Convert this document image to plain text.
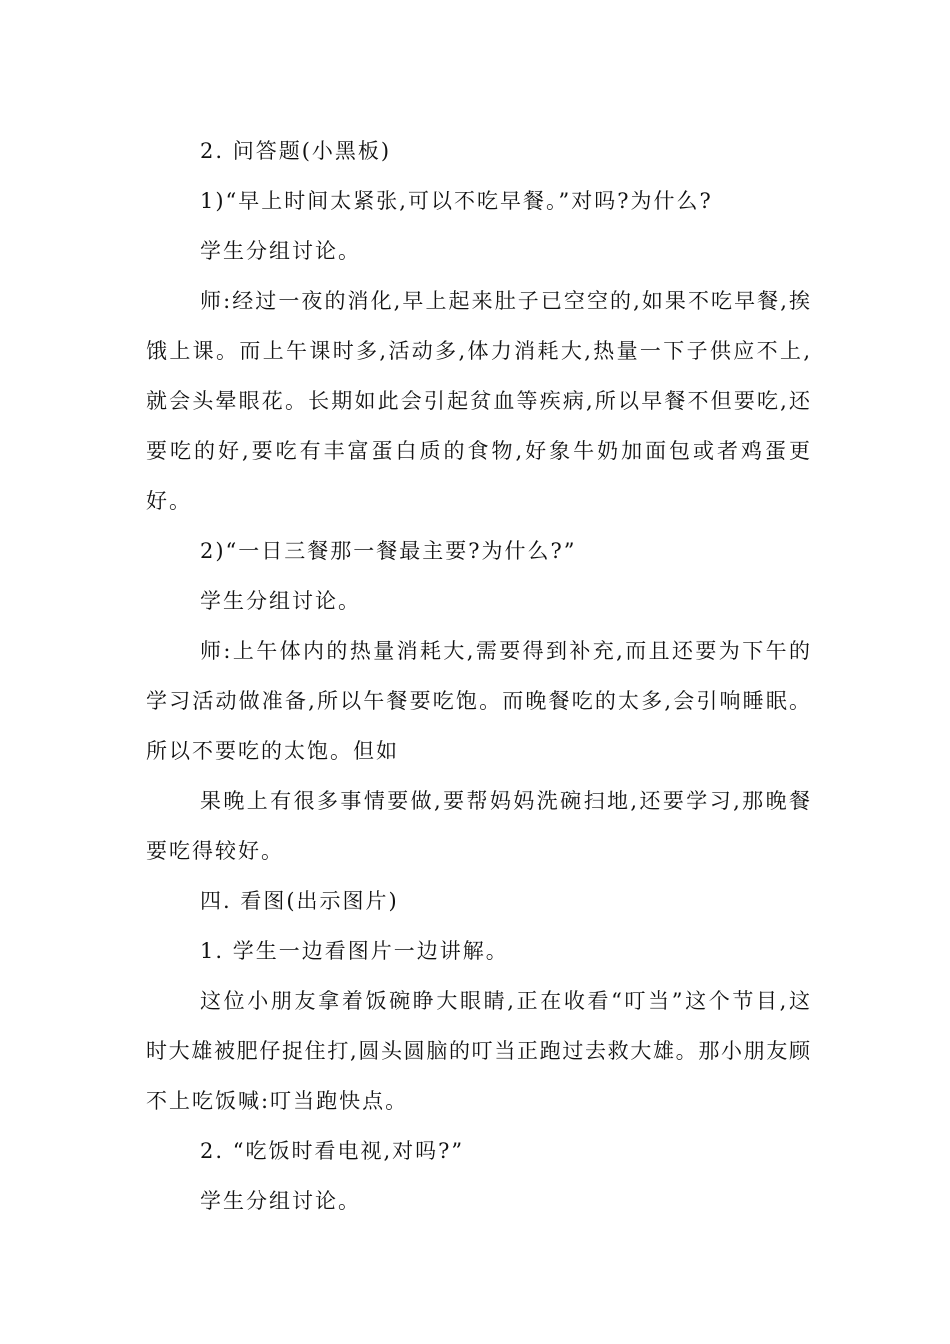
2. 问答题(小黑板)
1)“早上时间太紧张,可以不吃早餐。”对吗?为什么?
学生分组讨论。
师:经过一夜的消化,早上起来肚子已空空的,如果不吃早餐,挨
饿上课。而上午课时多,活动多,体力消耗大,热量一下子供应不上,
就会头晕眼花。长期如此会引起贫血等疾病,所以早餐不但要吃,还
要吃的好,要吃有丰富蛋白质的食物,好象牛奶加面包或者鸡蛋更
好。
2)“一日三餐那一餐最主要?为什么?”
学生分组讨论。
师:上午体内的热量消耗大,需要得到补充,而且还要为下午的
学习活动做准备,所以午餐要吃饱。而晚餐吃的太多,会引响睡眠。
所以不要吃的太饱。但如
果晚上有很多事情要做,要帮妈妈洗碗扫地,还要学习,那晚餐
要吃得较好。
四. 看图(出示图片)
1. 学生一边看图片一边讲解。
这位小朋友拿着饭碗睁大眼睛,正在收看“叮当”这个节目,这
时大雄被肥仔捉住打,圆头圆脑的叮当正跑过去救大雄。那小朋友顾
不上吃饭喊:叮当跑快点。
2. “吃饭时看电视,对吗?”
学生分组讨论。
